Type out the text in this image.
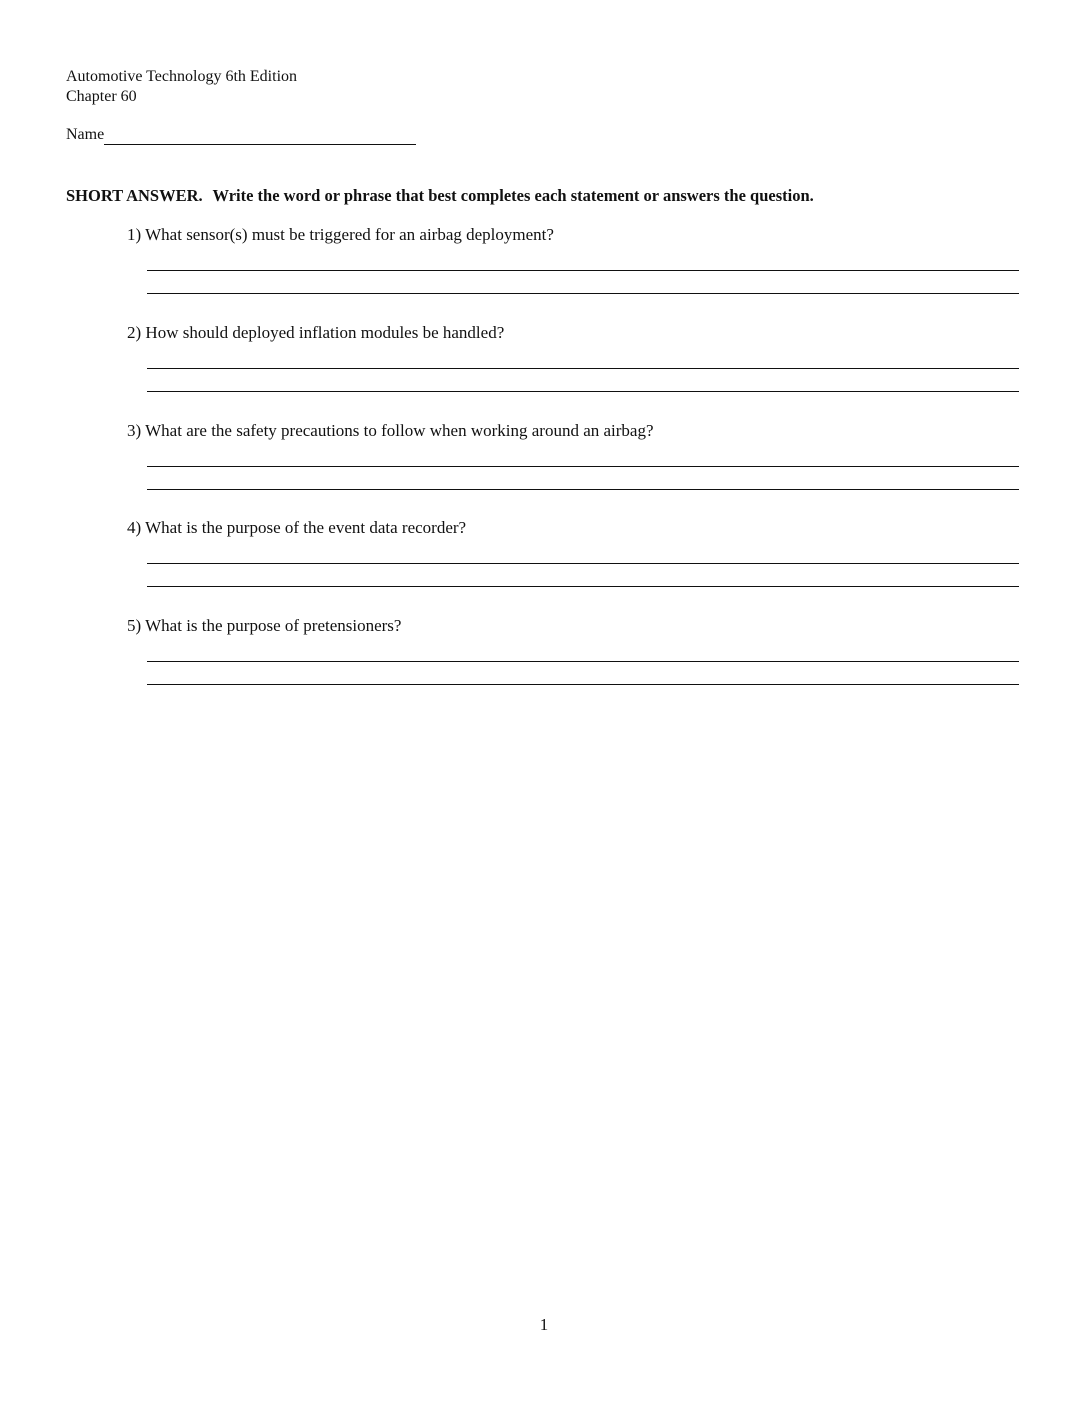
Automotive Technology 6th Edition
Chapter 60
Name
SHORT ANSWER. Write the word or phrase that best completes each statement or answers the question.
1) What sensor(s) must be triggered for an airbag deployment?
2) How should deployed inflation modules be handled?
3) What are the safety precautions to follow when working around an airbag?
4) What is the purpose of the event data recorder?
5) What is the purpose of pretensioners?
1
